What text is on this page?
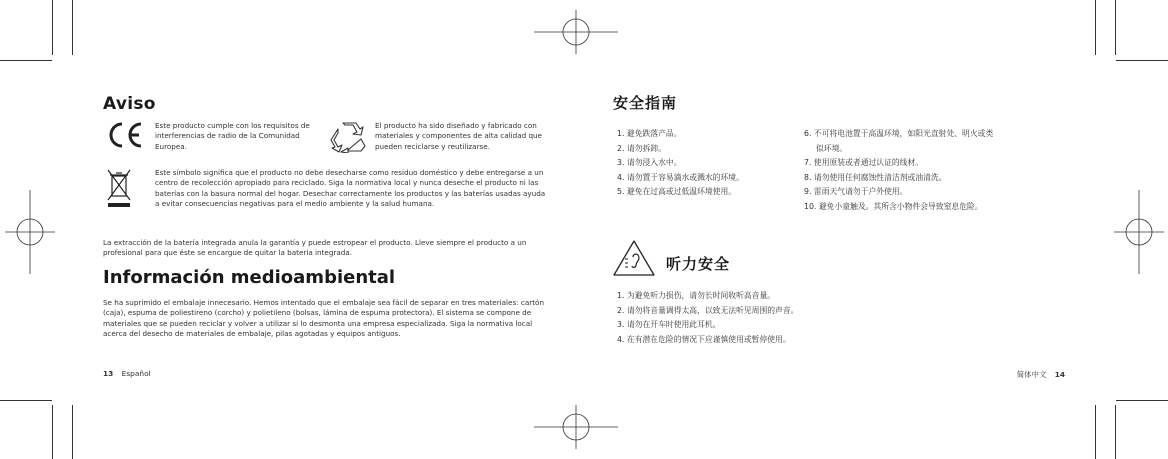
Aviso
Este producto cumple con los requisitos de interferencias de radio de la Comunidad Europea.
El producto ha sido diseñado y fabricado con materiales y componentes de alta calidad que pueden reciclarse y reutilizarse.
Este símbolo significa que el producto no debe desecharse como residuo doméstico y debe entregarse a un centro de recolección apropiado para reciclado. Siga la normativa local y nunca deseche el producto ni las baterías con la basura normal del hogar. Desechar correctamente los productos y las baterías usadas ayuda a evitar consecuencias negativas para el medio ambiente y la salud humana.
La extracción de la batería integrada anula la garantía y puede estropear el producto. Lleve siempre el producto a un profesional para que éste se encargue de quitar la batería integrada.
Información medioambiental
Se ha suprimido el embalaje innecesario. Hemos intentado que el embalaje sea fácil de separar en tres materiales: cartón (caja), espuma de poliestireno (corcho) y polietileno (bolsas, lámina de espuma protectora). El sistema se compone de materiales que se pueden reciclar y volver a utilizar si lo desmonta una empresa especializada. Siga la normativa local acerca del desecho de materiales de embalaje, pilas agotadas y equipos antiguos.
13 Español
安全指南
1. 避免跌落产品。
2. 请勿拆卸。
3. 请勿浸入水中。
4. 请勿置于容易滴水或溅水的环境。
5. 避免在过高或过低温环境使用。
6. 不可将电池置于高温环境，如阳光直射处、明火或类
似环境。
7. 使用原装或者通过认证的线材。
8. 请勿使用任何腐蚀性清洁剂或油清洗。
9. 雷雨天气请勿于户外使用。
10. 避免小童触及。其所含小物件会导致窒息危险。
听力安全
1. 为避免听力损伤，请勿长时间收听高音量。
2. 请勿将音量调得太高，以致无法听见周围的声音。
3. 请勿在开车时使用此耳机。
4. 在有潜在危险的情况下应谨慎使用或暂停使用。
简体中文 14
